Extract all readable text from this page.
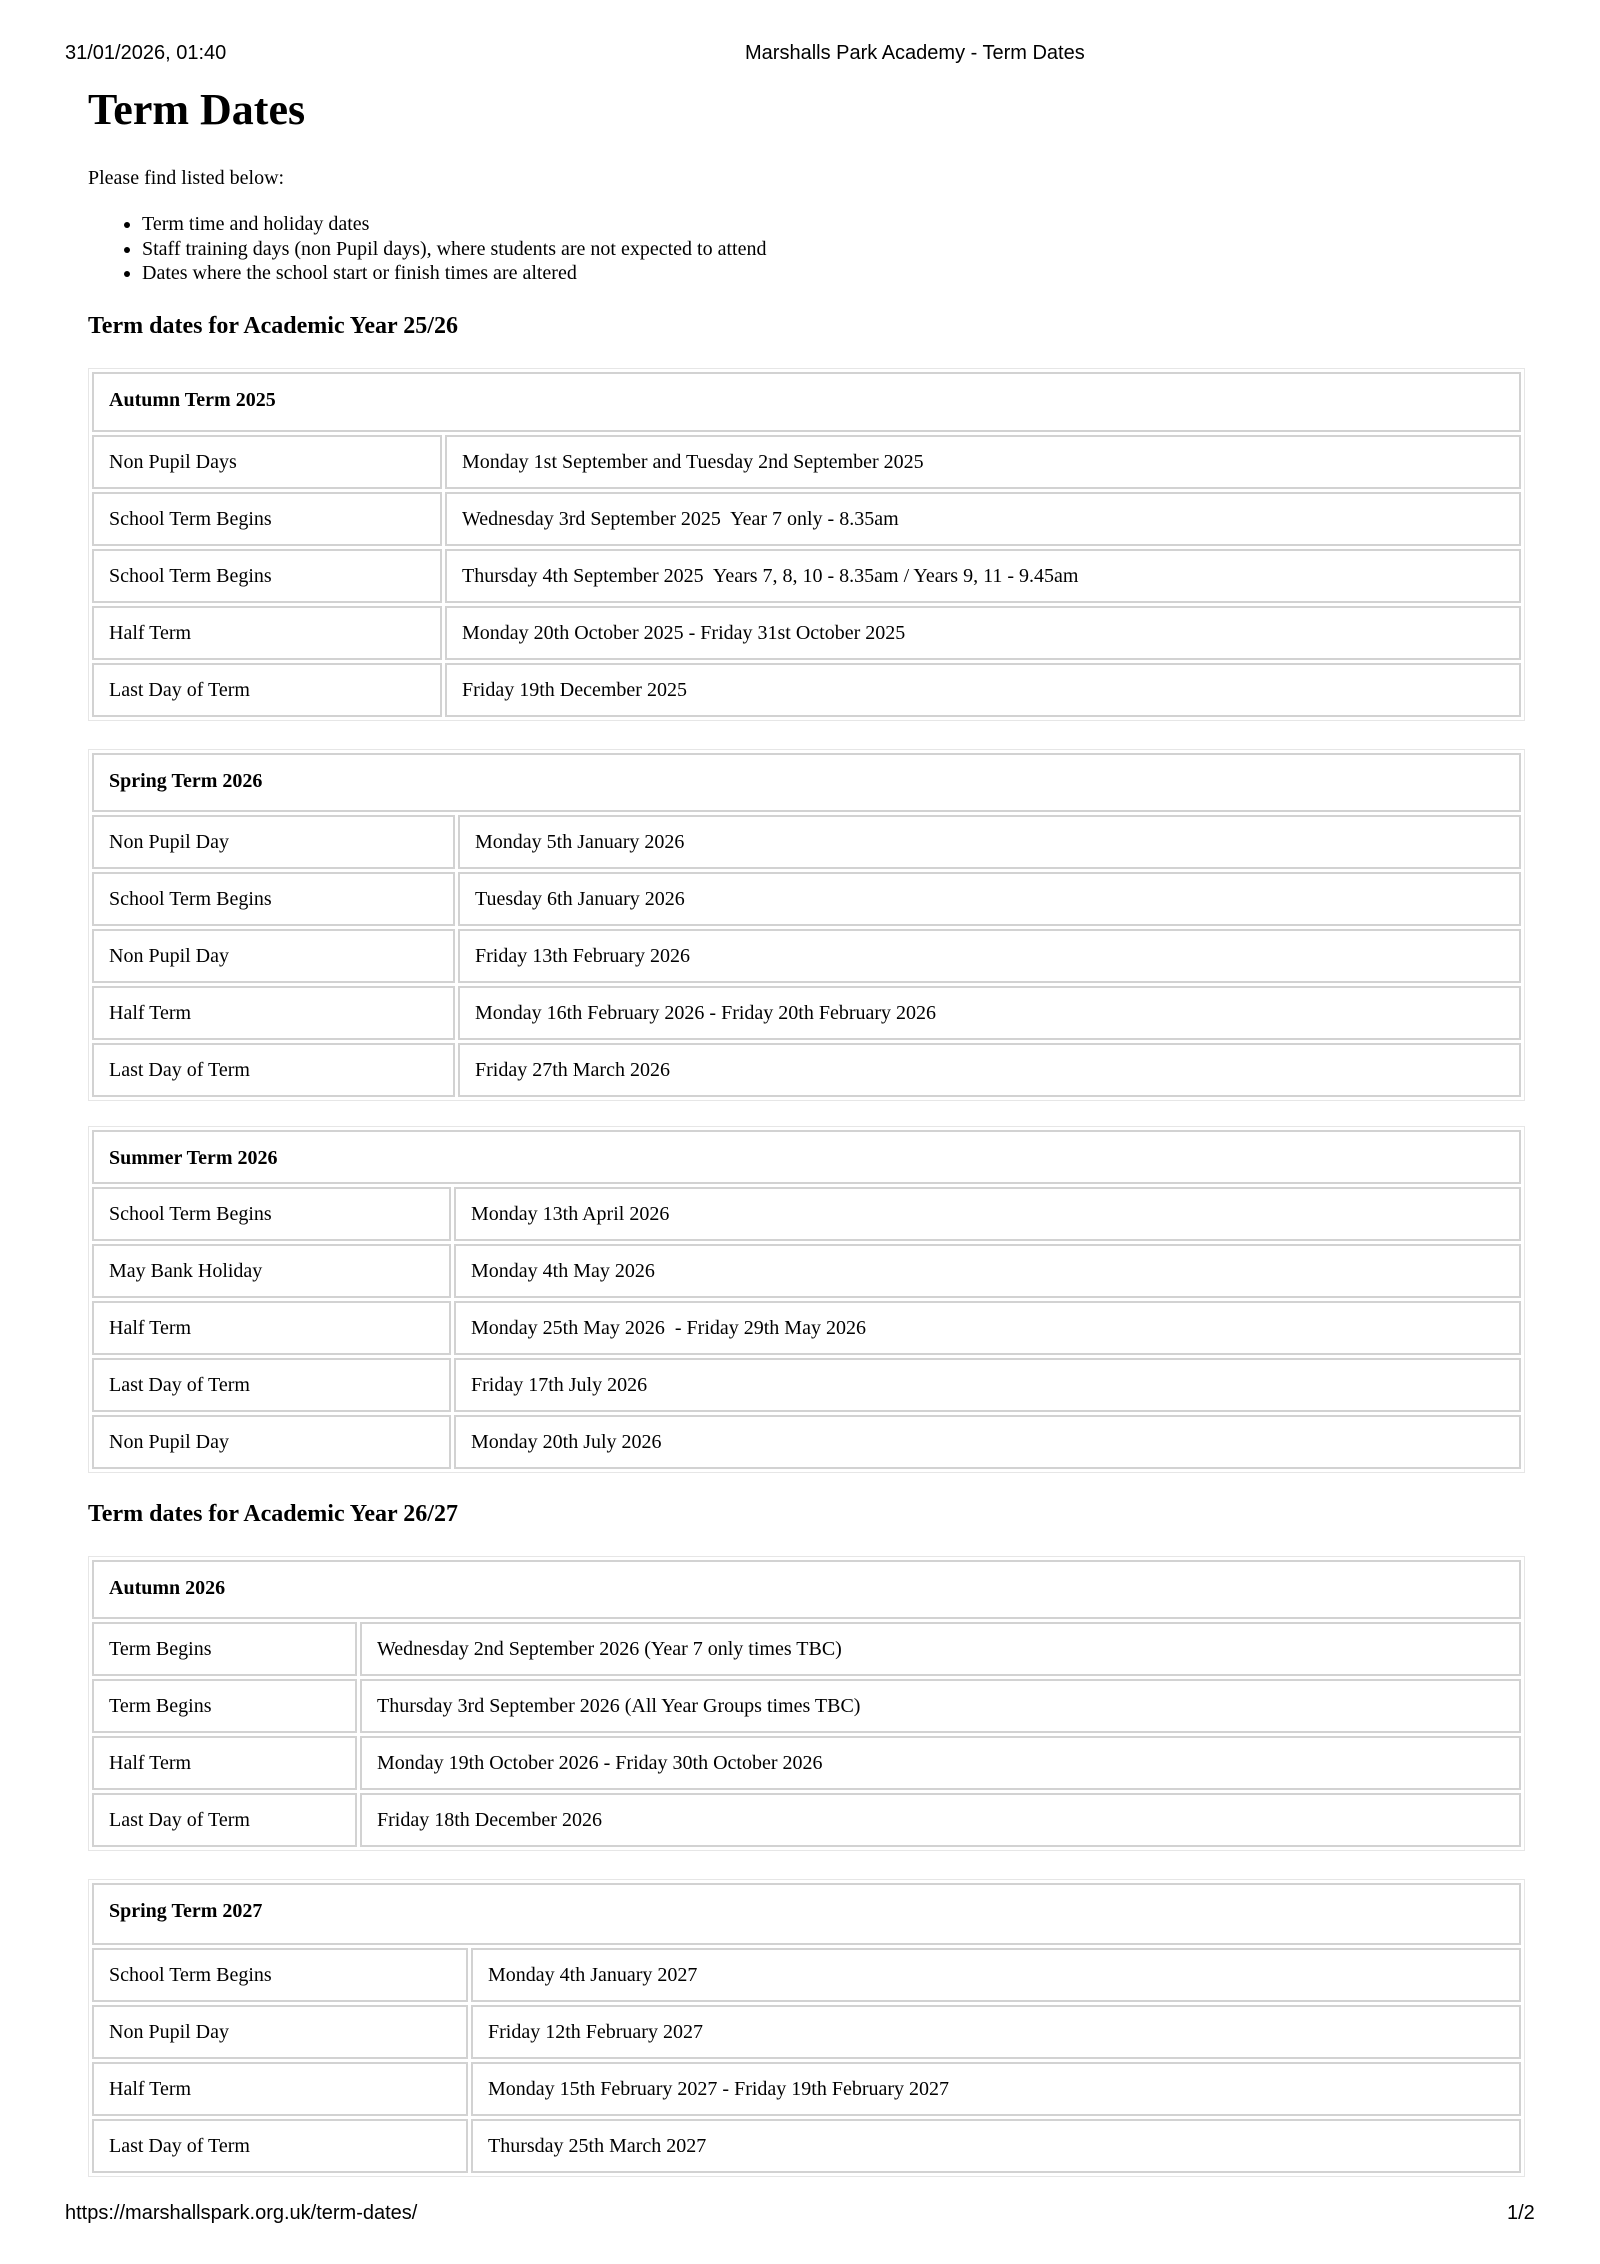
31/01/2026, 01:40	Marshalls Park Academy - Term Dates
Term Dates

Please find listed below:

• Term time and holiday dates
• Staff training days (non Pupil days), where students are not expected to attend
• Dates where the school start or finish times are altered
Term dates for Academic Year 25/26
Autumn Term 2025	
Non Pupil Days	Monday 1st September and Tuesday 2nd September 2025
School Term Begins	Wednesday 3rd September 2025  Year 7 only - 8.35am
School Term Begins	Thursday 4th September 2025  Years 7, 8, 10 - 8.35am / Years 9, 11 - 9.45am
Half Term	Monday 20th October 2025 - Friday 31st October 2025
Last Day of Term	Friday 19th December 2025
Spring Term 2026	
Non Pupil Day	Monday 5th January 2026
School Term Begins	Tuesday 6th January 2026
Non Pupil Day	Friday 13th February 2026
Half Term	Monday 16th February 2026 - Friday 20th February 2026
Last Day of Term	Friday 27th March 2026
Summer Term 2026	
School Term Begins	Monday 13th April 2026
May Bank Holiday	Monday 4th May 2026
Half Term	Monday 25th May 2026  - Friday 29th May 2026
Last Day of Term	Friday 17th July 2026
Non Pupil Day	Monday 20th July 2026
Term dates for Academic Year 26/27
Autumn 2026	
Term Begins	Wednesday 2nd September 2026 (Year 7 only times TBC)
Term Begins	Thursday 3rd September 2026 (All Year Groups times TBC)
Half Term	Monday 19th October 2026 - Friday 30th October 2026
Last Day of Term	Friday 18th December 2026
Spring Term 2027	
School Term Begins	Monday 4th January 2027
Non Pupil Day	Friday 12th February 2027
Half Term	Monday 15th February 2027 - Friday 19th February 2027
Last Day of Term	Thursday 25th March 2027
https://marshallspark.org.uk/term-dates/	1/2
